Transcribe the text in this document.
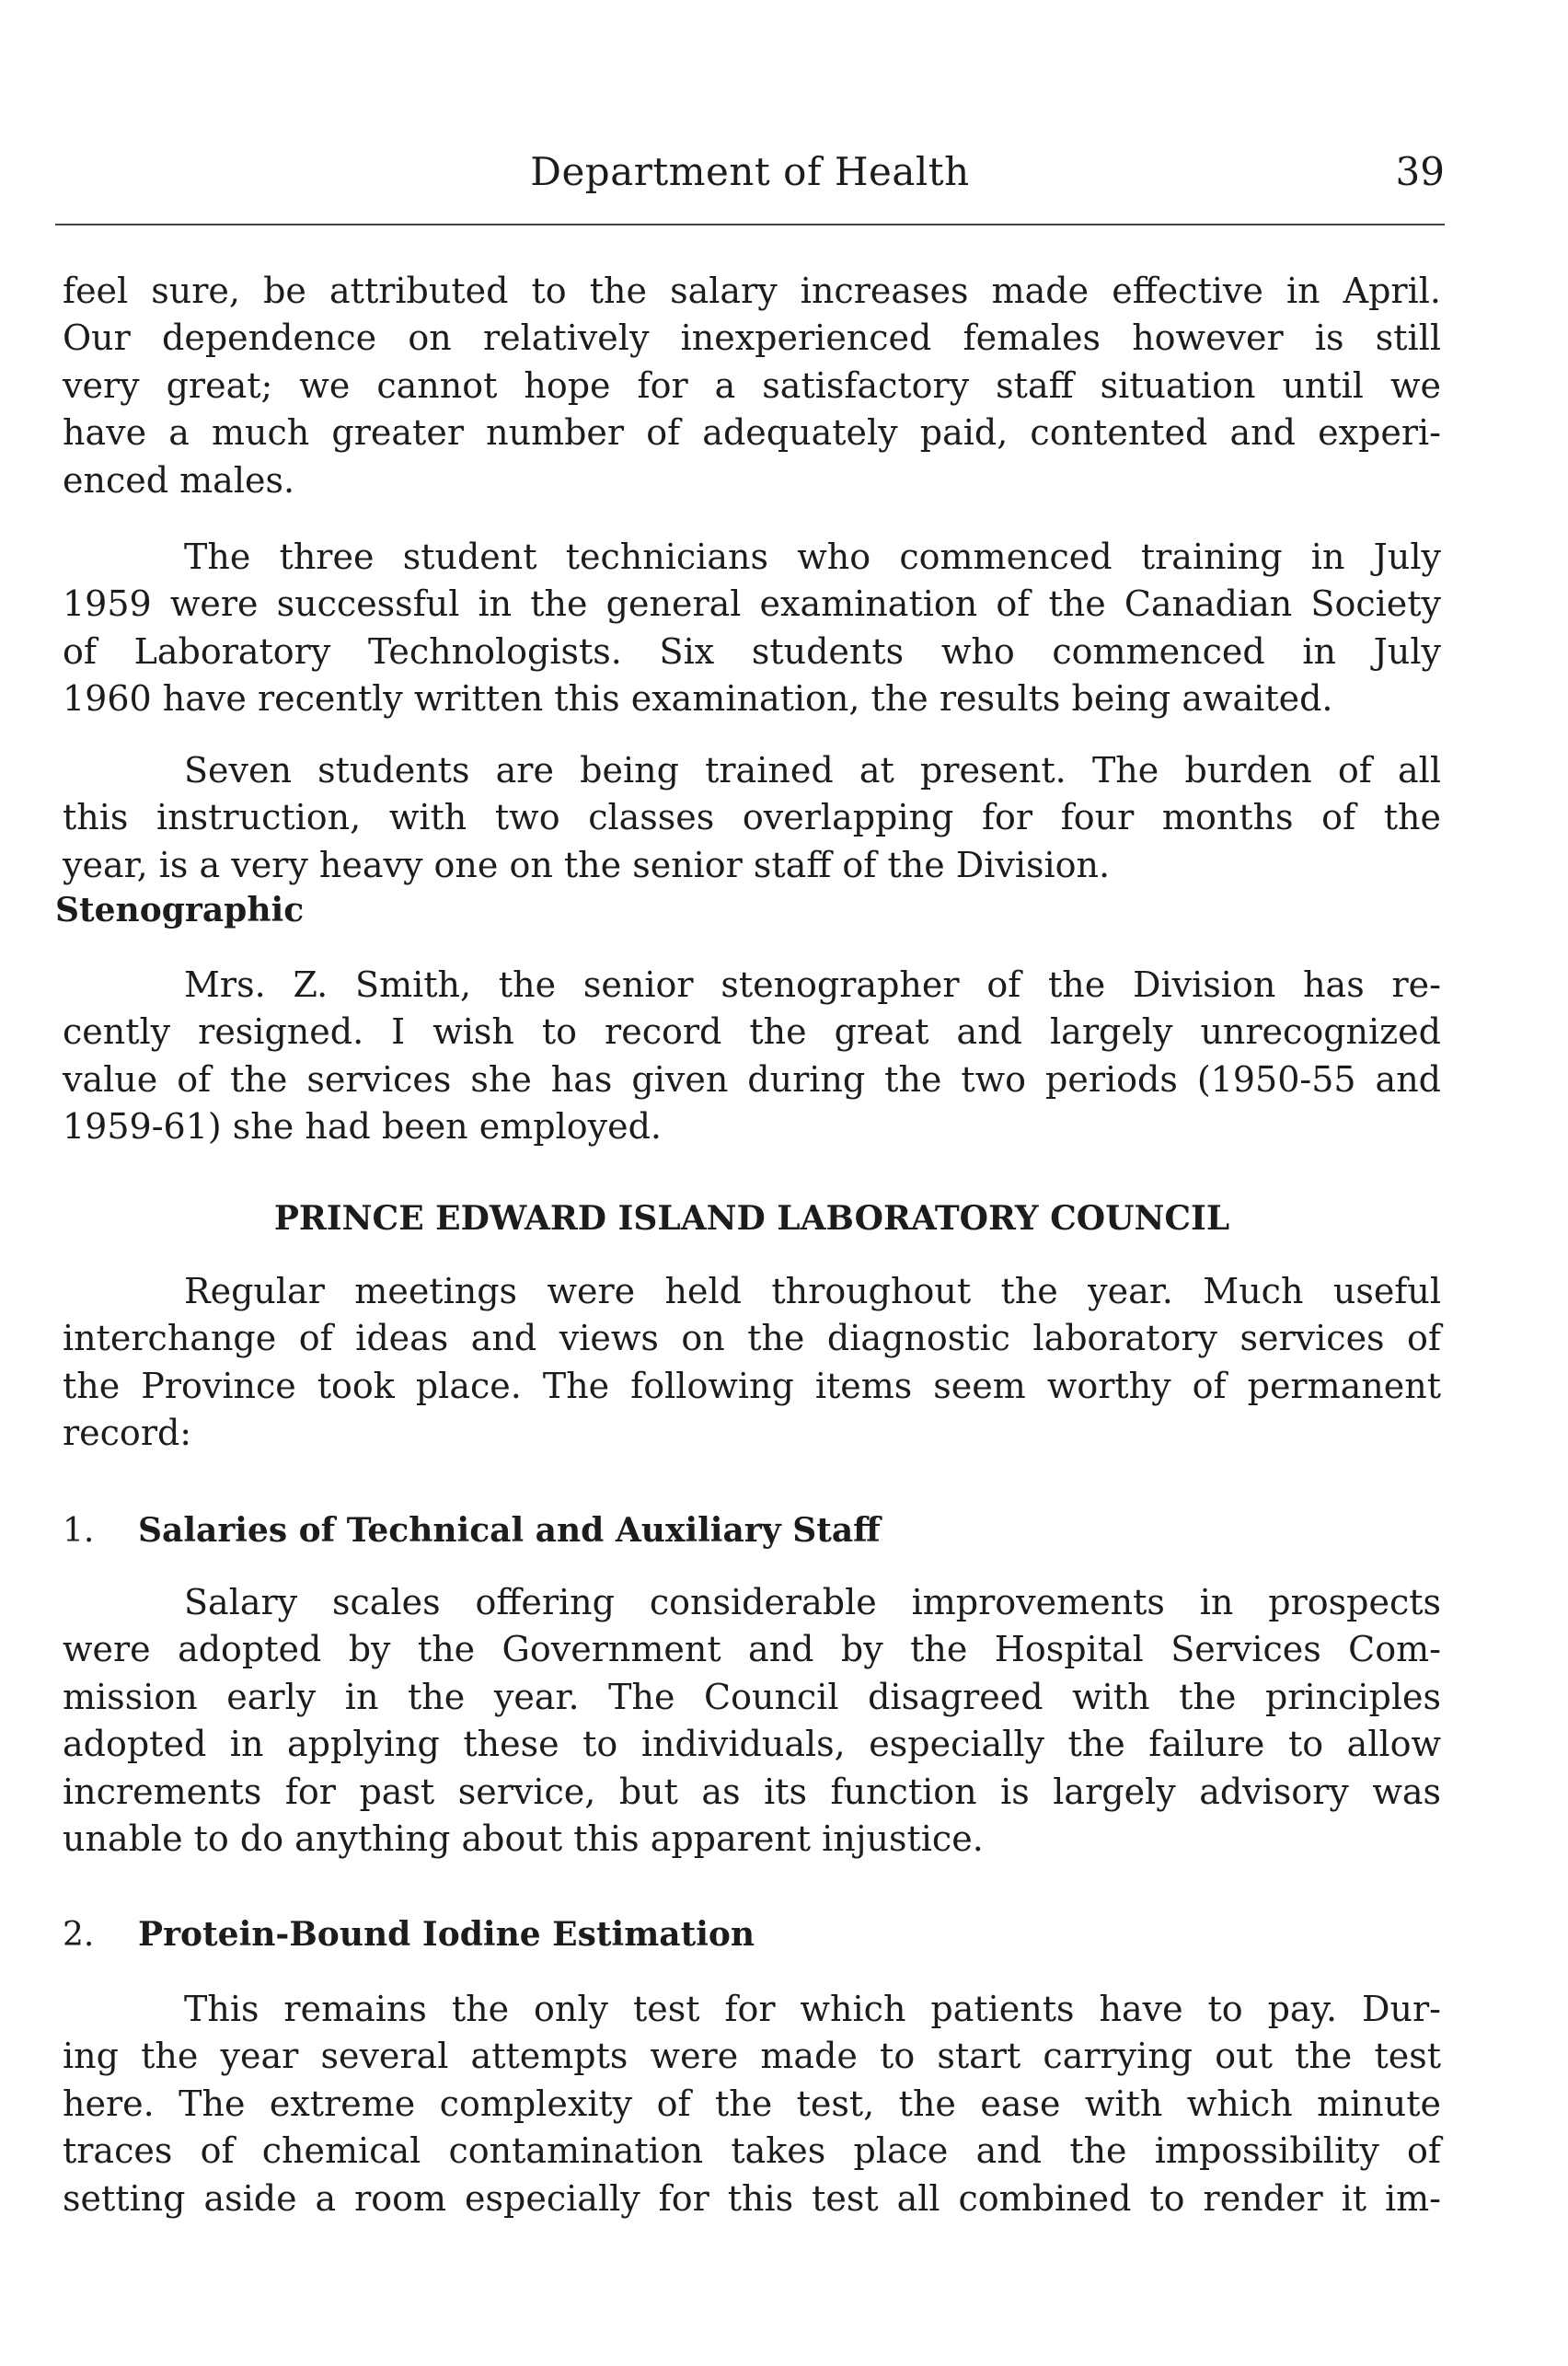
Department of Health	39
feel sure, be attributed to the salary increases made effective in April.
Our dependence on relatively inexperienced females however is still
very great; we cannot hope for a satisfactory staff situation until we
have a much greater number of adequately paid, contented and experi-
enced males.
The three student technicians who commenced training in July
1959 were successful in the general examination of the Canadian Society
of Laboratory Technologists. Six students who commenced in July
1960 have recently written this examination, the results being awaited.
Seven students are being trained at present. The burden of all
this instruction, with two classes overlapping for four months of the
year, is a very heavy one on the senior staff of the Division.
Stenographic
Mrs. Z. Smith, the senior stenographer of the Division has re-
cently resigned. I wish to record the great and largely unrecognized
value of the services she has given during the two periods (1950-55 and
1959-61) she had been employed.
PRINCE EDWARD ISLAND LABORATORY COUNCIL
Regular meetings were held throughout the year. Much useful
interchange of ideas and views on the diagnostic laboratory services of
the Province took place. The following items seem worthy of permanent
record:
1. Salaries of Technical and Auxiliary Staff
Salary scales offering considerable improvements in prospects
were adopted by the Government and by the Hospital Services Com-
mission early in the year. The Council disagreed with the principles
adopted in applying these to individuals, especially the failure to allow
increments for past service, but as its function is largely advisory was
unable to do anything about this apparent injustice.
2. Protein-Bound Iodine Estimation
This remains the only test for which patients have to pay. Dur-
ing the year several attempts were made to start carrying out the test
here. The extreme complexity of the test, the ease with which minute
traces of chemical contamination takes place and the impossibility of
setting aside a room especially for this test all combined to render it im-
